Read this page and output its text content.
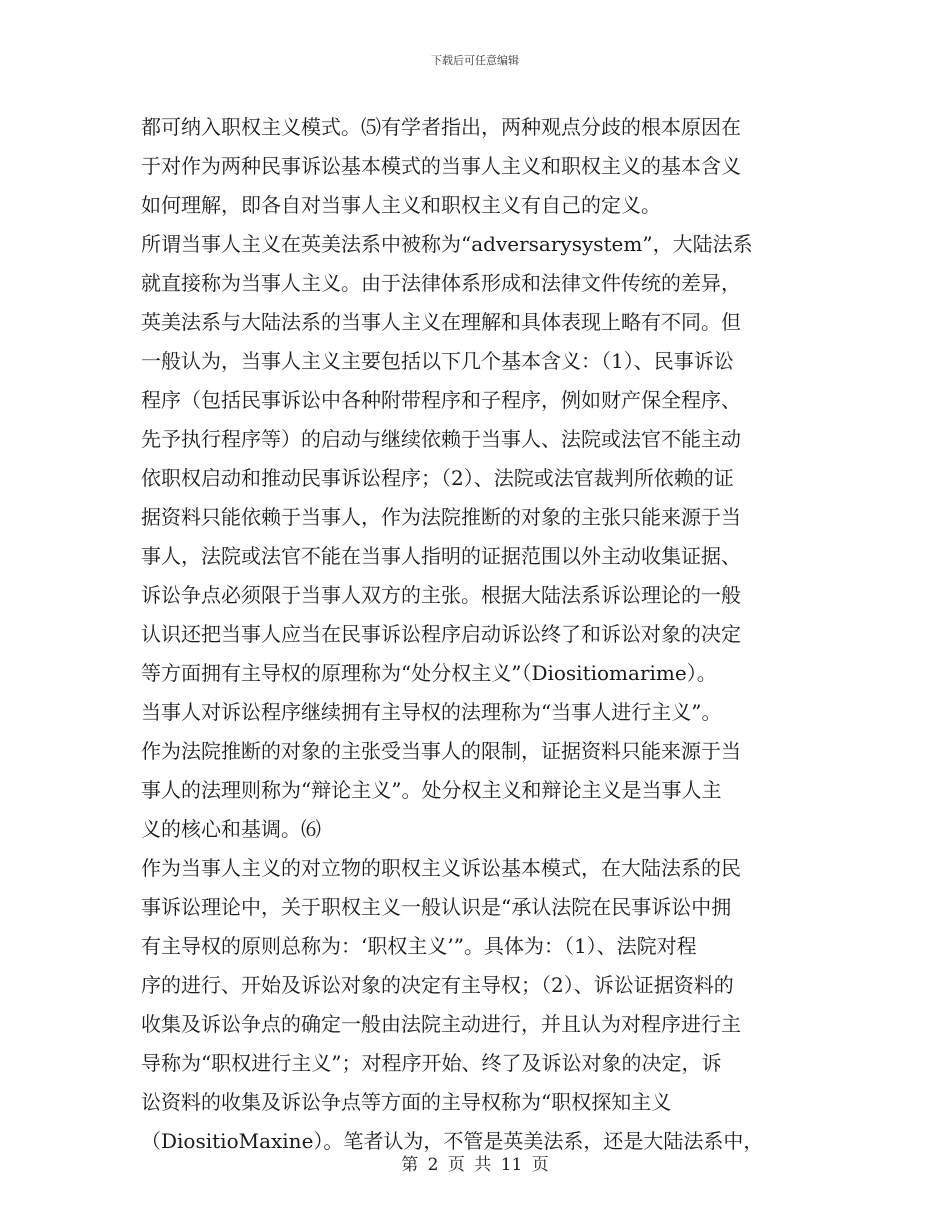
下载后可任意编辑
都可纳入职权主义模式。⑸有学者指出，两种观点分歧的根本原因在
于对作为两种民事诉讼基本模式的当事人主义和职权主义的基本含义
如何理解，即各自对当事人主义和职权主义有自己的定义。
所谓当事人主义在英美法系中被称为“adversarysystem”，大陆法系
就直接称为当事人主义。由于法律体系形成和法律文件传统的差异，
英美法系与大陆法系的当事人主义在理解和具体表现上略有不同。但
一般认为，当事人主义主要包括以下几个基本含义：（1）、民事诉讼
程序（包括民事诉讼中各种附带程序和子程序，例如财产保全程序、
先予执行程序等）的启动与继续依赖于当事人、法院或法官不能主动
依职权启动和推动民事诉讼程序；（2）、法院或法官裁判所依赖的证
据资料只能依赖于当事人，作为法院推断的对象的主张只能来源于当
事人，法院或法官不能在当事人指明的证据范围以外主动收集证据、
诉讼争点必须限于当事人双方的主张。根据大陆法系诉讼理论的一般
认识还把当事人应当在民事诉讼程序启动诉讼终了和诉讼对象的决定
等方面拥有主导权的原理称为“处分权主义”（Diositiomarime）。
当事人对诉讼程序继续拥有主导权的法理称为“当事人进行主义”。
作为法院推断的对象的主张受当事人的限制，证据资料只能来源于当
事人的法理则称为“辩论主义”。处分权主义和辩论主义是当事人主
义的核心和基调。⑹
作为当事人主义的对立物的职权主义诉讼基本模式，在大陆法系的民
事诉讼理论中，关于职权主义一般认识是“承认法院在民事诉讼中拥
有主导权的原则总称为：‘职权主义’”。具体为：（1）、法院对程
序的进行、开始及诉讼对象的决定有主导权；（2）、诉讼证据资料的
收集及诉讼争点的确定一般由法院主动进行，并且认为对程序进行主
导称为“职权进行主义”；对程序开始、终了及诉讼对象的决定，诉
讼资料的收集及诉讼争点等方面的主导权称为“职权探知主义
（DiositioMaxine）。笔者认为，不管是英美法系，还是大陆法系中，
第 2 页 共 11 页
